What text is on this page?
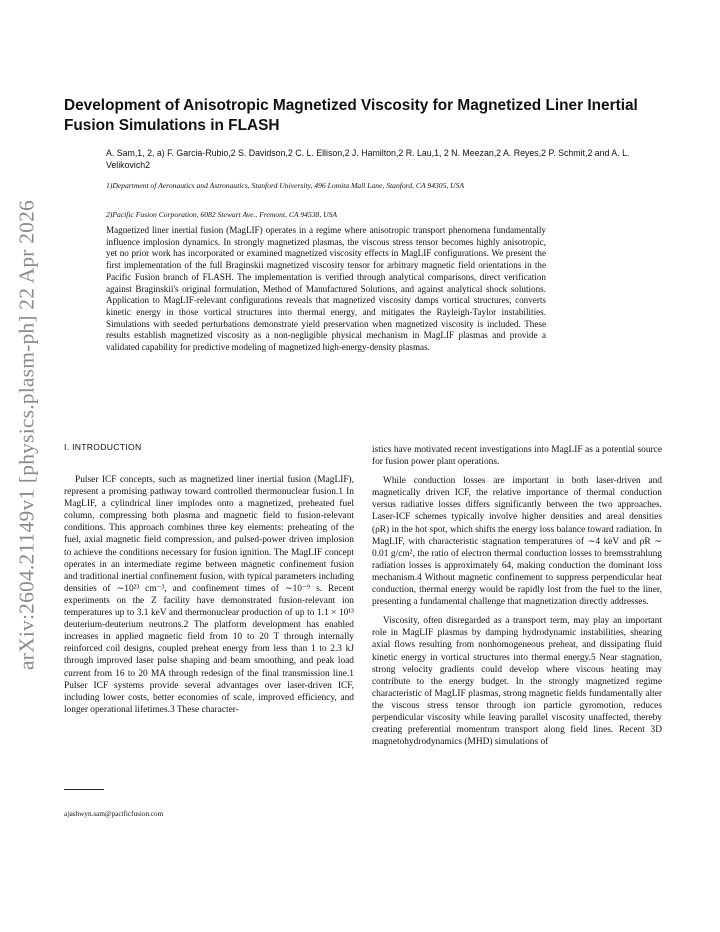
arXiv:2604.21149v1 [physics.plasm-ph] 22 Apr 2026
Development of Anisotropic Magnetized Viscosity for Magnetized Liner Inertial Fusion Simulations in FLASH
A. Sam,1, 2, a) F. Garcia-Rubio,2 S. Davidson,2 C. L. Ellison,2 J. Hamilton,2 R. Lau,1, 2 N. Meezan,2 A. Reyes,2 P. Schmit,2 and A. L. Velikovich2
1)Department of Aeronautics and Astronautics, Stanford University, 496 Lomita Mall Lane, Stanford, CA 94305, USA
2)Pacific Fusion Corporation, 6082 Stewart Ave., Fremont, CA 94538, USA

Magnetized liner inertial fusion (MagLIF) operates in a regime where anisotropic transport phenomena fundamentally influence implosion dynamics. In strongly magnetized plasmas, the viscous stress tensor becomes highly anisotropic, yet no prior work has incorporated or examined magnetized viscosity effects in MagLIF configurations. We present the first implementation of the full Braginskii magnetized viscosity tensor for arbitrary magnetic field orientations in the Pacific Fusion branch of FLASH. The implementation is verified through analytical comparisons, direct verification against Braginskii's original formulation, Method of Manufactured Solutions, and against analytical shock solutions. Application to MagLIF-relevant configurations reveals that magnetized viscosity damps vortical structures, converts kinetic energy in those vortical structures into thermal energy, and mitigates the Rayleigh-Taylor instabilities. Simulations with seeded perturbations demonstrate yield preservation when magnetized viscosity is included. These results establish magnetized viscosity as a non-negligible physical mechanism in MagLIF plasmas and provide a validated capability for predictive modeling of magnetized high-energy-density plasmas.

I. INTRODUCTION

Pulser ICF concepts, such as magnetized liner inertial fusion (MagLIF), represent a promising pathway toward controlled thermonuclear fusion.1 In MagLIF, a cylindrical liner implodes onto a magnetized, preheated fuel column, compressing both plasma and magnetic field to fusion-relevant conditions. This approach combines three key elements: preheating of the fuel, axial magnetic field compression, and pulsed-power driven implosion to achieve the conditions necessary for fusion ignition. The MagLIF concept operates in an intermediate regime between magnetic confinement fusion and traditional inertial confinement fusion, with typical parameters including densities of ∼10²³ cm⁻³, and confinement times of ∼10⁻⁹ s. Recent experiments on the Z facility have demonstrated fusion-relevant ion temperatures up to 3.1 keV and thermonuclear production of up to 1.1 × 10¹³ deuterium-deuterium neutrons.2 The platform development has enabled increases in applied magnetic field from 10 to 20 T through internally reinforced coil designs, coupled preheat energy from less than 1 to 2.3 kJ through improved laser pulse shaping and beam smoothing, and peak load current from 16 to 20 MA through redesign of the final transmission line.1 Pulser ICF systems provide several advantages over laser-driven ICF, including lower costs, better economies of scale, improved efficiency, and longer operational lifetimes.3 These character-

istics have motivated recent investigations into MagLIF as a potential source for fusion power plant operations.

While conduction losses are important in both laser-driven and magnetically driven ICF, the relative importance of thermal conduction versus radiative losses differs significantly between the two approaches. Laser-ICF schemes typically involve higher densities and areal densities (ρR) in the hot spot, which shifts the energy loss balance toward radiation. In MagLIF, with characteristic stagnation temperatures of ∼4 keV and ρR ∼ 0.01 g/cm², the ratio of electron thermal conduction losses to bremsstrahlung radiation losses is approximately 64, making conduction the dominant loss mechanism.4 Without magnetic confinement to suppress perpendicular heat conduction, thermal energy would be rapidly lost from the fuel to the liner, presenting a fundamental challenge that magnetization directly addresses.

Viscosity, often disregarded as a transport term, may play an important role in MagLIF plasmas by damping hydrodynamic instabilities, shearing axial flows resulting from nonhomogeneous preheat, and dissipating fluid kinetic energy in vortical structures into thermal energy.5 Near stagnation, strong velocity gradients could develop where viscous heating may contribute to the energy budget. In the strongly magnetized regime characteristic of MagLIF plasmas, strong magnetic fields fundamentally alter the viscous stress tensor through ion particle gyromotion, reduces perpendicular viscosity while leaving parallel viscosity unaffected, thereby creating preferential momentum transport along field lines. Recent 3D magnetohydrodynamics (MHD) simulations of

a)ashwyn.sam@pacificfusion.com
